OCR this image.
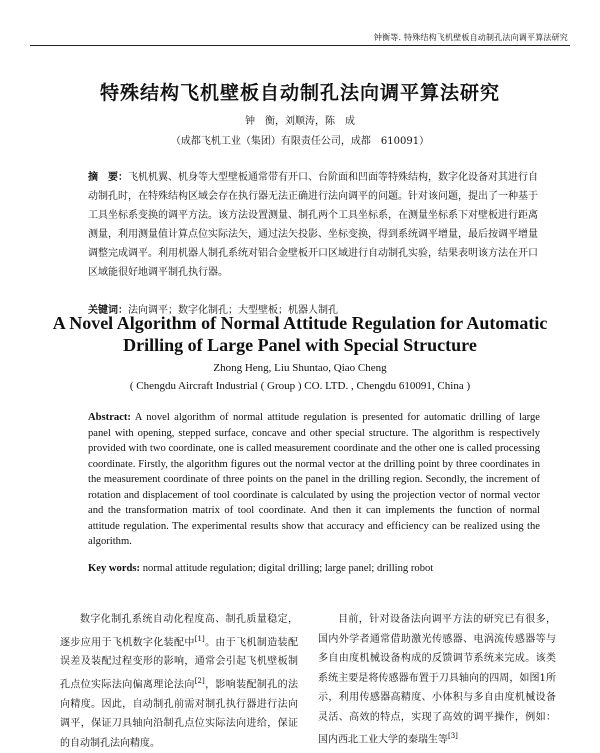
钟衡等. 特殊结构飞机壁板自动制孔法向调平算法研究
特殊结构飞机壁板自动制孔法向调平算法研究
钟　衡，刘顺涛，陈　成
（成都飞机工业（集团）有限责任公司，成都　610091）
摘　要：飞机机翼、机身等大型壁板通常带有开口、台阶面和凹面等特殊结构，数字化设备对其进行自动制孔时，在特殊结构区域会存在执行器无法正确进行法向调平的问题。针对该问题，提出了一种基于工具坐标系变换的调平方法。该方法设置测量、制孔两个工具坐标系，在测量坐标系下对壁板进行距离测量，利用测量值计算点位实际法矢，通过法矢投影、坐标变换，得到系统调平增量，最后按调平增量调整完成调平。利用机器人制孔系统对铝合金壁板开口区域进行自动制孔实验，结果表明该方法在开口区域能很好地调平制孔执行器。
关键词：法向调平；数字化制孔；大型壁板；机器人制孔
A Novel Algorithm of Normal Attitude Regulation for Automatic
Drilling of Large Panel with Special Structure
Zhong Heng, Liu Shuntao, Qiao Cheng
( Chengdu Aircraft Industrial ( Group ) CO. LTD. , Chengdu 610091, China )
Abstract: A novel algorithm of normal attitude regulation is presented for automatic drilling of large panel with opening, stepped surface, concave and other special structure. The algorithm is respectively provided with two coordinate, one is called measurement coordinate and the other one is called processing coordinate. Firstly, the algorithm figures out the normal vector at the drilling point by three coordinates in the measurement coordinate of three points on the panel in the drilling region. Secondly, the increment of rotation and displacement of tool coordinate is calculated by using the projection vector of normal vector and the transformation matrix of tool coordinate. And then it can implements the function of normal attitude regulation. The experimental results show that accuracy and efficiency can be realized using the algorithm.
Key words: normal attitude regulation; digital drilling; large panel; drilling robot
数字化制孔系统自动化程度高、制孔质量稳定，逐步应用于飞机数字化装配中[1]。由于飞机制造装配误差及装配过程变形的影响，通常会引起飞机壁板制孔点位实际法向偏离理论法向[2]，影响装配制孔的法向精度。因此，自动制孔前需对制孔执行器进行法向调平，保证刀具轴向沿制孔点位实际法向进给，保证的自动制孔法向精度。
目前，针对设备法向调平方法的研究已有很多，国内外学者通常借助激光传感器、电涡流传感器等与多自由度机械设备构成的反馈调节系统来完成。该类系统主要是将传感器布置于刀具轴向的四周，如图1所示，利用传感器高精度、小体积与多自由度机械设备灵活、高效的特点，实现了高效的调平操作，例如：国内西北工业大学的秦瑞生等[3]
